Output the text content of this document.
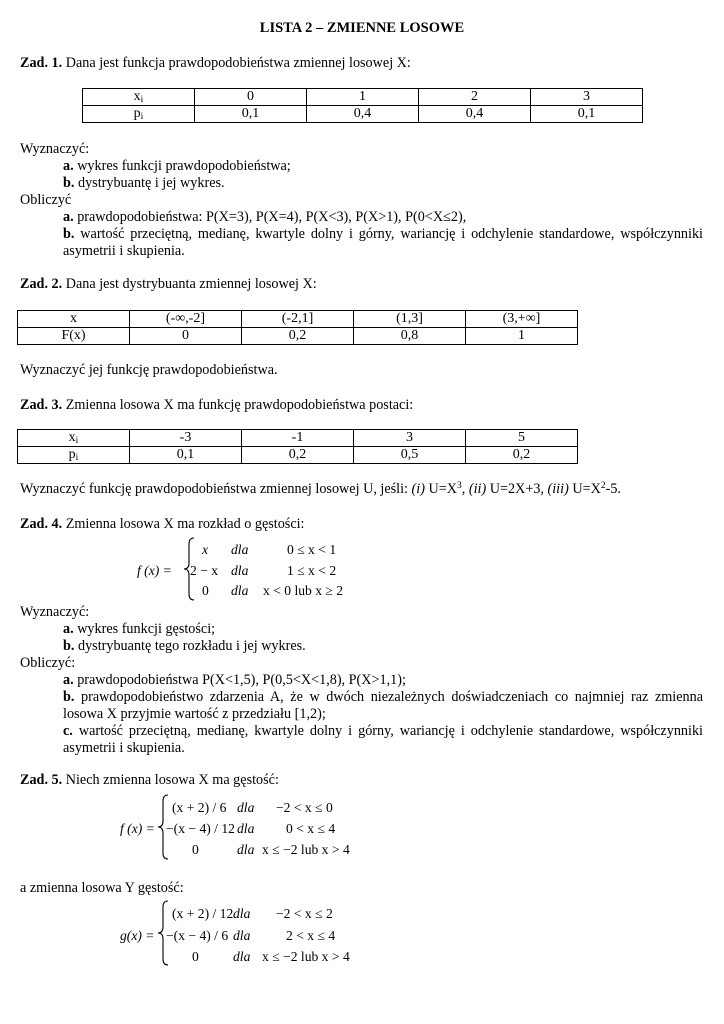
LISTA 2 – ZMIENNE LOSOWE
Zad. 1. Dana jest funkcja prawdopodobieństwa zmiennej losowej X:
$x_i$	0	1	2	3
$p_i$	0,1	0,4	0,4	0,1
Wyznaczyć:
a. wykres funkcji prawdopodobieństwa;
b. dystrybuantę i jej wykres.
Obliczyć
a. prawdopodobieństwa: P(X=3), P(X=4), P(X<3), P(X>1), P(0<X≤2),
b. wartość przeciętną, medianę, kwartyle dolny i górny, wariancję i odchylenie standardowe, współczynniki
asymetrii i skupienia.
Zad. 2. Dana jest dystrybuanta zmiennej losowej X:
x	(-∞,-2]	(-2,1]	(1,3]	(3,+∞]
F(x)	0	0,2	0,8	1
Wyznaczyć jej funkcję prawdopodobieństwa.
Zad. 3. Zmienna losowa X ma funkcję prawdopodobieństwa postaci:
$x_i$	-3	-1	3	5
$p_i$	0,1	0,2	0,5	0,2
Wyznaczyć funkcję prawdopodobieństwa zmiennej losowej U, jeśli: (i) $U=X^3$, (ii) U=2X+3, (iii) $U=X^2-5$.
Zad. 4. Zmienna losowa X ma rozkład o gęstości:
f (x) =
x dla	0 ≤ x < 1
2 − x dla	1 ≤ x < 2
0 dla x < 0 lub x ≥ 2
Wyznaczyć:
a. wykres funkcji gęstości;
b. dystrybuantę tego rozkładu i jej wykres.
Obliczyć:
a. prawdopodobieństwa P(X<1,5), P(0,5<X<1,8), P(X>1,1);
b. prawdopodobieństwo zdarzenia A, że w dwóch niezależnych doświadczeniach co najmniej raz zmienna
losowa X przyjmie wartość z przedziału [1,2);
c. wartość przeciętną, medianę, kwartyle dolny i górny, wariancję i odchylenie standardowe, współczynniki
asymetrii i skupienia.
Zad. 5. Niech zmienna losowa X ma gęstość:
f (x) =
(x + 2) / 6 dla −2 < x ≤ 0
−(x − 4) / 12 dla 0 < x ≤ 4
0	dla x ≤ −2 lub x > 4
a zmienna losowa Y gęstość:
g(x) =
(x + 2) / 12 dla −2 < x ≤ 2
−(x − 4) / 6 dla	2 < x ≤ 4
0	dla x ≤ −2 lub x > 4
